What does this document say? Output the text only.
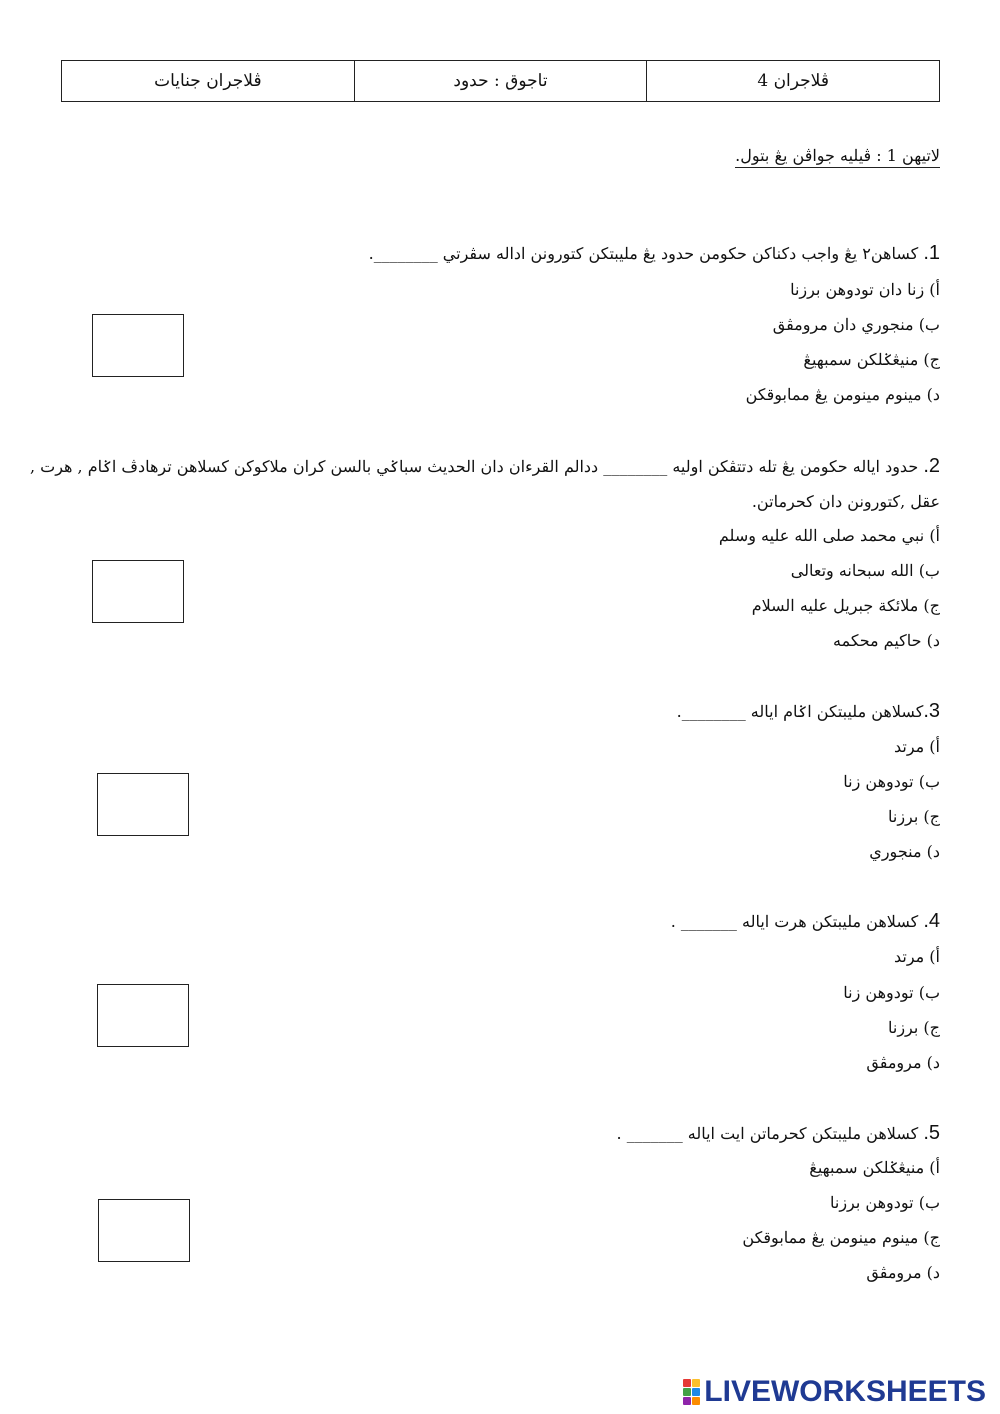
ڤلاجران جنايات	تاجوق : حدود	ڤلاجران 4
لاتيهن 1 : ڤيليه جواڤن يڠ بتول.
1. كساهن٢ يڠ واجب دكناكن حكومن حدود يڠ مليبتكن كتورونن اداله سڤرتي ________.
أ) زنا دان تودوهن برزنا
ب) منجوري دان مرومڤق
ج) منيڠݢلكن سمبهيڠ
د) مينوم مينومن يڠ ممابوقكن
2. حدود اياله حكومن يڠ تله دتتڤكن اوليه ________ ددالم القرءان دان الحديث سباݢي بالسن كران ملاكوكن كسلاهن ترهادڤ اݢام , هرت ,
عقل ,كتورونن دان كحرماتن.
أ) نبي محمد صلى الله عليه وسلم
ب) الله سبحانه وتعالى
ج) ملائكة جبريل عليه السلام
د) حاكيم محكمه
3.كسلاهن مليبتكن اݢام اياله ________.
أ) مرتد
ب) تودوهن زنا
ج) برزنا
د) منجوري
4. كسلاهن مليبتكن هرت اياله _______ .
أ) مرتد
ب) تودوهن زنا
ج) برزنا
د) مرومڤق
5. كسلاهن مليبتكن كحرماتن ايت اياله _______ .
أ) منيڠݢلكن سمبهيڠ
ب) تودوهن برزنا
ج) مينوم مينومن يڠ ممابوقكن
د) مرومڤق
LIVEWORKSHEETS
